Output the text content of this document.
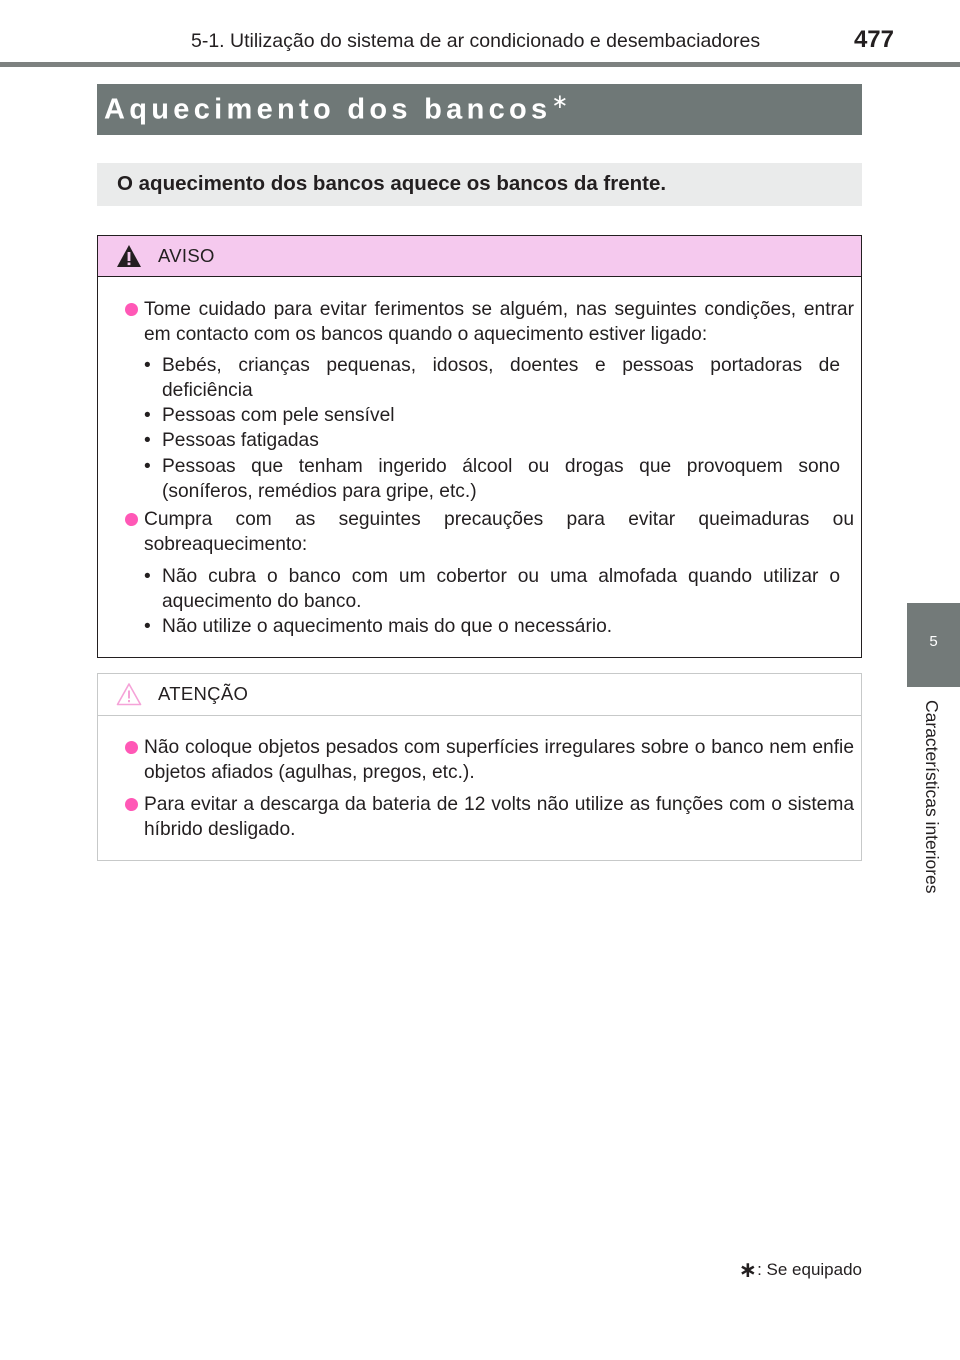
5-1. Utilização do sistema de ar condicionado e desembaciadores	477
5
Características interiores
Aquecimento dos bancos∗
O aquecimento dos bancos aquece os bancos da frente.
AVISO
Tome cuidado para evitar ferimentos se alguém, nas seguintes condições, entrar em contacto com os bancos quando o aquecimento estiver ligado:
• Bebés, crianças pequenas, idosos, doentes e pessoas portadoras de deficiência
• Pessoas com pele sensível
• Pessoas fatigadas
• Pessoas que tenham ingerido álcool ou drogas que provoquem sono (soníferos, remédios para gripe, etc.)
Cumpra com as seguintes precauções para evitar queimaduras ou sobreaquecimento:
• Não cubra o banco com um cobertor ou uma almofada quando utilizar o aquecimento do banco.
• Não utilize o aquecimento mais do que o necessário.
ATENÇÃO
Não coloque objetos pesados com superfícies irregulares sobre o banco nem enfie objetos afiados (agulhas, pregos, etc.).
Para evitar a descarga da bateria de 12 volts não utilize as funções com o sistema híbrido desligado.
∗: Se equipado
